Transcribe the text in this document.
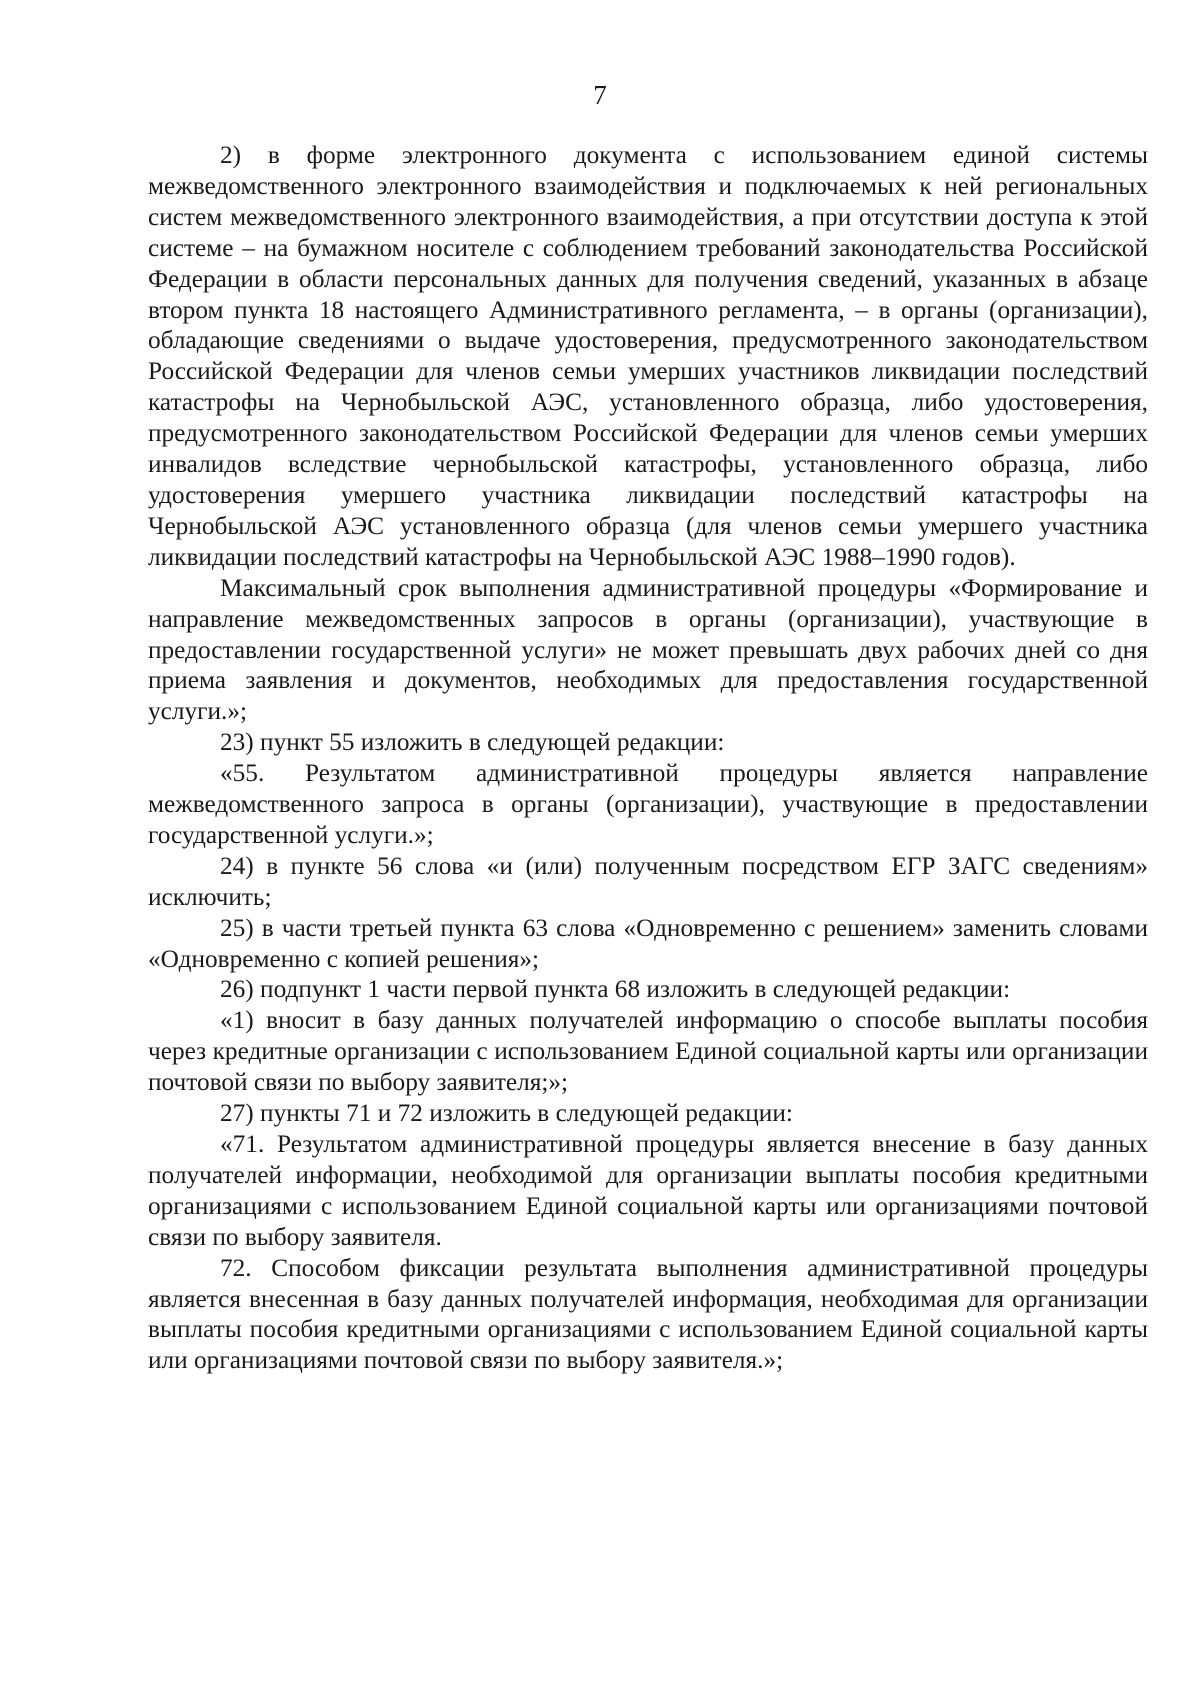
7

2) в форме электронного документа с использованием единой системы межведомственного электронного взаимодействия и подключаемых к ней региональных систем межведомственного электронного взаимодействия, а при отсутствии доступа к этой системе – на бумажном носителе с соблюдением требований законодательства Российской Федерации в области персональных данных для получения сведений, указанных в абзаце втором пункта 18 настоящего Административного регламента, – в органы (организации), обладающие сведениями о выдаче удостоверения, предусмотренного законодательством Российской Федерации для членов семьи умерших участников ликвидации последствий катастрофы на Чернобыльской АЭС, установленного образца, либо удостоверения, предусмотренного законодательством Российской Федерации для членов семьи умерших инвалидов вследствие чернобыльской катастрофы, установленного образца, либо удостоверения умершего участника ликвидации последствий катастрофы на Чернобыльской АЭС установленного образца (для членов семьи умершего участника ликвидации последствий катастрофы на Чернобыльской АЭС 1988–1990 годов).

Максимальный срок выполнения административной процедуры «Формирование и направление межведомственных запросов в органы (организации), участвующие в предоставлении государственной услуги» не может превышать двух рабочих дней со дня приема заявления и документов, необходимых для предоставления государственной услуги.»;

23) пункт 55 изложить в следующей редакции:

«55. Результатом административной процедуры является направление межведомственного запроса в органы (организации), участвующие в предоставлении государственной услуги.»;

24) в пункте 56 слова «и (или) полученным посредством ЕГР ЗАГС сведениям» исключить;

25) в части третьей пункта 63 слова «Одновременно с решением» заменить словами «Одновременно с копией решения»;

26) подпункт 1 части первой пункта 68 изложить в следующей редакции:

«1) вносит в базу данных получателей информацию о способе выплаты пособия через кредитные организации с использованием Единой социальной карты или организации почтовой связи по выбору заявителя;»;

27) пункты 71 и 72 изложить в следующей редакции:

«71. Результатом административной процедуры является внесение в базу данных получателей информации, необходимой для организации выплаты пособия кредитными организациями с использованием Единой социальной карты или организациями почтовой связи по выбору заявителя.

72. Способом фиксации результата выполнения административной процедуры является внесенная в базу данных получателей информация, необходимая для организации выплаты пособия кредитными организациями с использованием Единой социальной карты или организациями почтовой связи по выбору заявителя.»;
